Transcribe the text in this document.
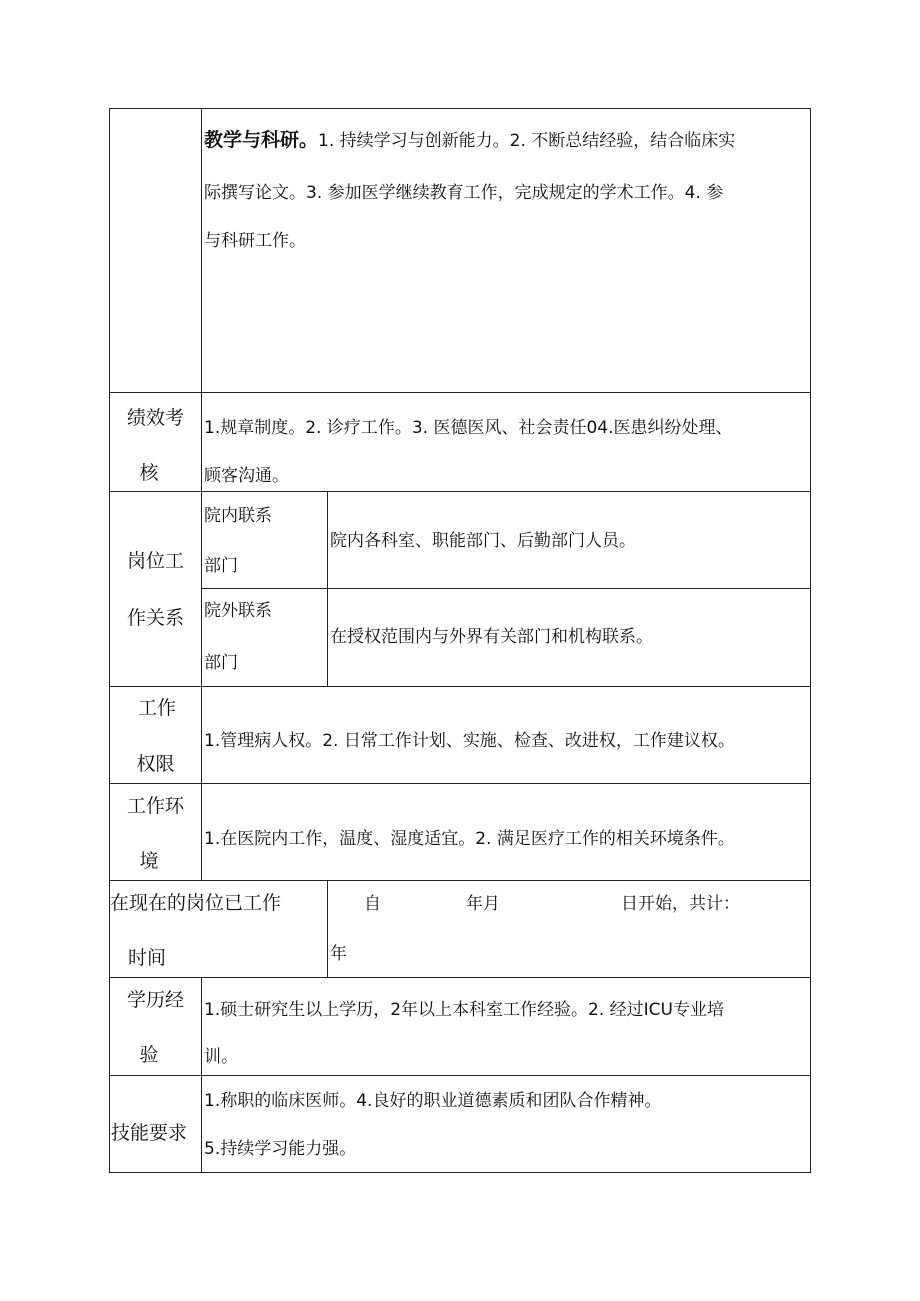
教学与科研。1. 持续学习与创新能力。2. 不断总结经验，结合临床实
际撰写论文。3. 参加医学继续教育工作，完成规定的学术工作。4. 参
与科研工作。
绩效考
核
1.规章制度。2. 诊疗工作。3. 医德医风、社会责任04.医患纠纷处理、
顾客沟通。
岗位工
作关系
院内联系
部门
院内各科室、职能部门、后勤部门人员。
院外联系
部门
在授权范围内与外界有关部门和机构联系。
工作
权限
1.管理病人权。2. 日常工作计划、实施、检查、改进权，工作建议权。
工作环
境
1.在医院内工作，温度、湿度适宜。2. 满足医疗工作的相关环境条件。
在现在的岗位已工作
时间
自	年月	日开始，共计：
年
学历经
验
1.硕士研究生以上学历，2年以上本科室工作经验。2. 经过ICU专业培
训。
技能要求
1.称职的临床医师。4.良好的职业道德素质和团队合作精神。
5.持续学习能力强。
